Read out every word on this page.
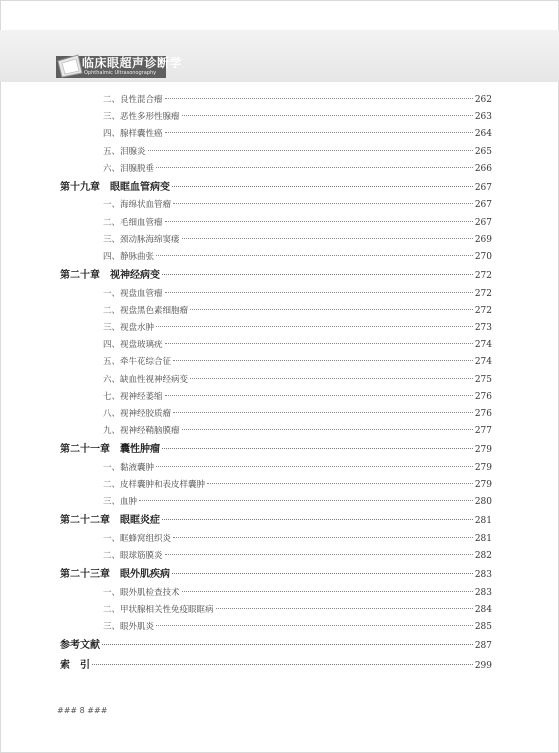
临床眼超声诊断学
Ophthalmic Ultrasonography
二、良性混合瘤	262
三、恶性多形性腺瘤	263
四、腺样囊性癌	264
五、泪腺炎	265
六、泪腺脱垂	266
第十九章　眼眶血管病变	267
一、海绵状血管瘤	267
二、毛细血管瘤	267
三、颈动脉海绵窦瘘	269
四、静脉曲张	270
第二十章　视神经病变	272
一、视盘血管瘤	272
二、视盘黑色素细胞瘤	272
三、视盘水肿	273
四、视盘玻璃疣	274
五、牵牛花综合征	274
六、缺血性视神经病变	275
七、视神经萎缩	276
八、视神经胶质瘤	276
九、视神经鞘脑膜瘤	277
第二十一章　囊性肿瘤	279
一、黏液囊肿	279
二、皮样囊肿和表皮样囊肿	279
三、血肿	280
第二十二章　眼眶炎症	281
一、眶蜂窝组织炎	281
二、眼球筋膜炎	282
第二十三章　眼外肌疾病	283
一、眼外肌检查技术	283
二、甲状腺相关性免疫眼眶病	284
三、眼外肌炎	285
参考文献	287
索　引	299
### 8 ###
